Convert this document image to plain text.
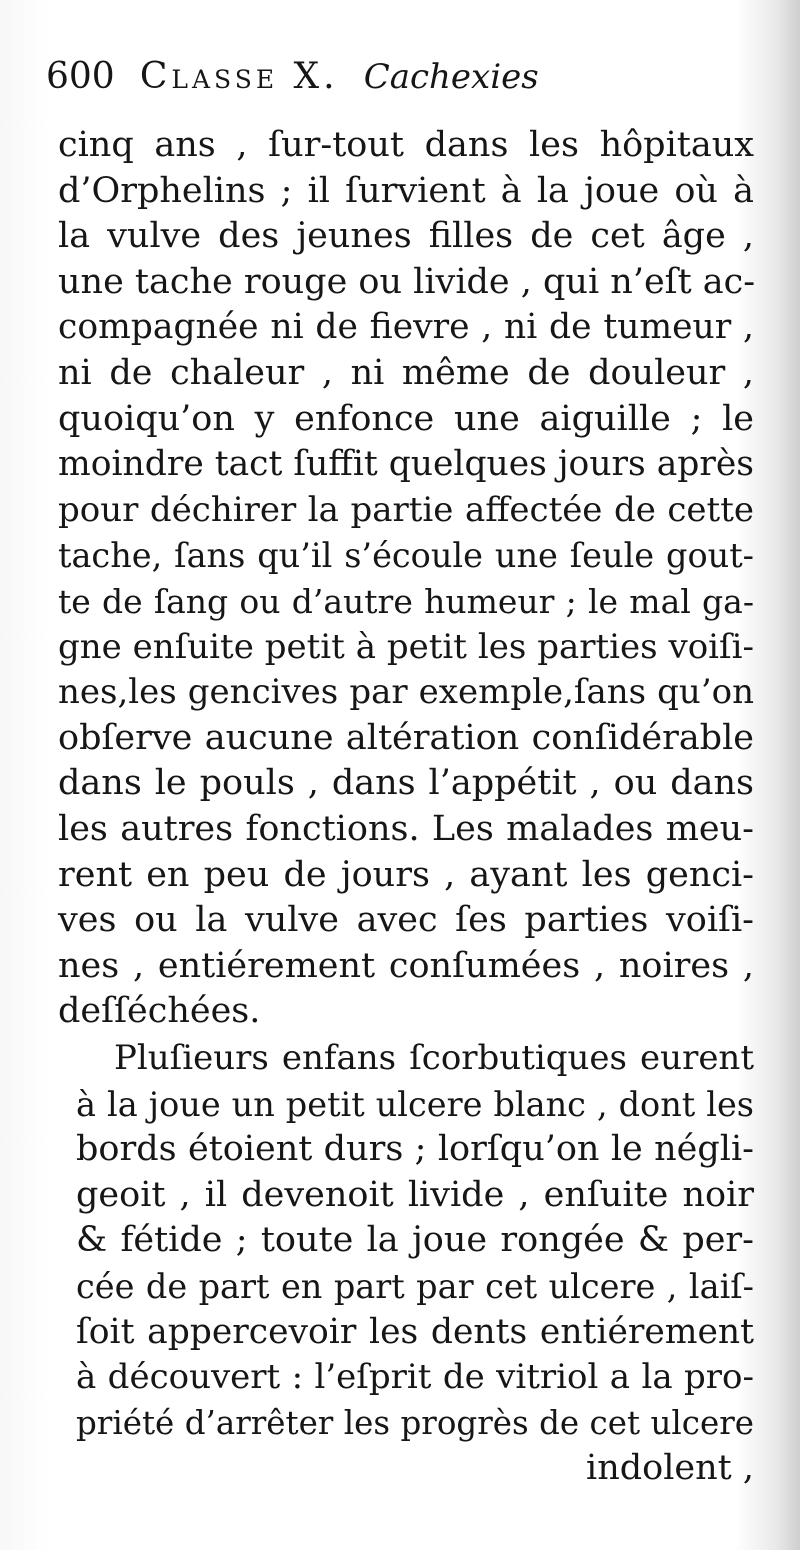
600 Classe X. Cachexies
cinq ans , ſur-tout dans les hôpitaux
d’Orphelins ; il ſurvient à la joue où à
la vulve des jeunes filles de cet âge ,
une tache rouge ou livide , qui n’eſt ac-
compagnée ni de fievre , ni de tumeur ,
ni de chaleur , ni même de douleur ,
quoiqu’on y enfonce une aiguille ; le
moindre tact ſuffit quelques jours après
pour déchirer la partie affectée de cette
tache, ſans qu’il s’écoule une ſeule gout-
te de ſang ou d’autre humeur ; le mal ga-
gne enſuite petit à petit les parties voiſi-
nes,les gencives par exemple,ſans qu’on
obſerve aucune altération conſidérable
dans le pouls , dans l’appétit , ou dans
les autres fonctions. Les malades meu-
rent en peu de jours , ayant les genci-
ves ou la vulve avec ſes parties voiſi-
nes , entiérement conſumées , noires ,
deſſéchées.
Pluſieurs enfans ſcorbutiques eurent
à la joue un petit ulcere blanc , dont les
bords étoient durs ; lorſqu’on le négli-
geoit , il devenoit livide , enſuite noir
& fétide ; toute la joue rongée & per-
cée de part en part par cet ulcere , laiſ-
ſoit appercevoir les dents entiérement
à découvert : l’eſprit de vitriol a la pro-
priété d’arrêter les progrès de cet ulcere
indolent ,
